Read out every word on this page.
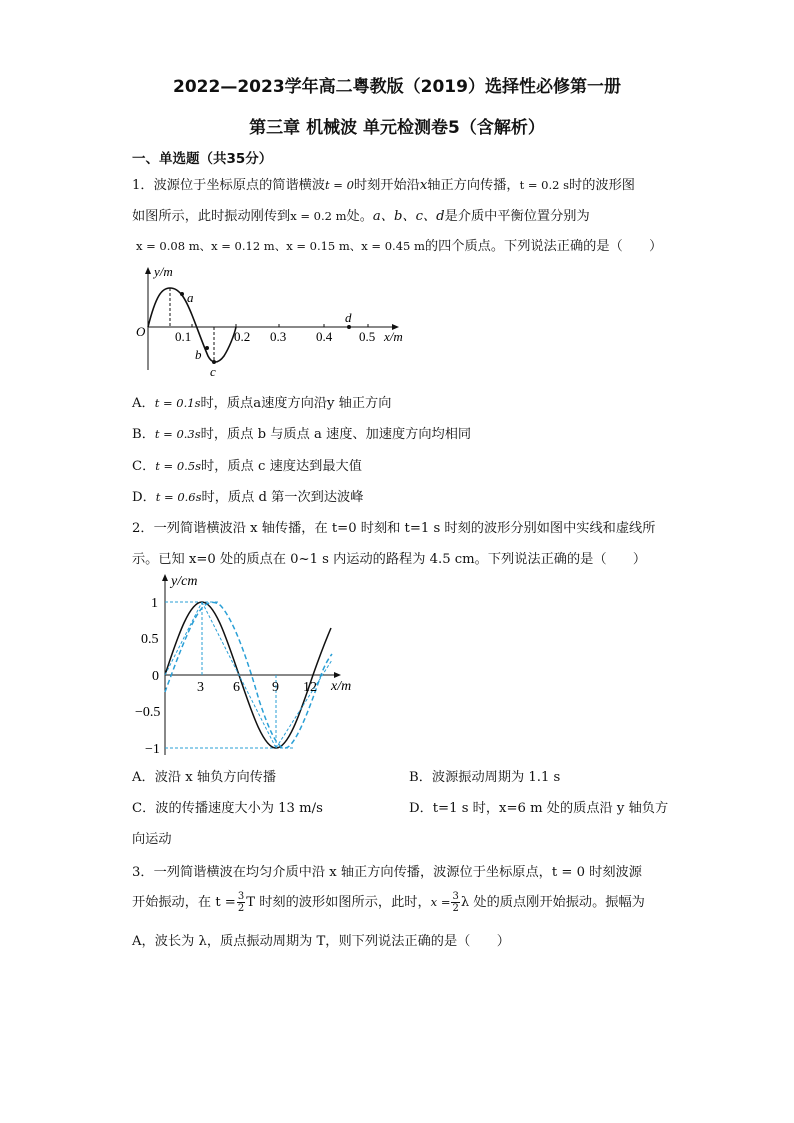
2022—2023学年高二粤教版（2019）选择性必修第一册
第三章 机械波 单元检测卷5（含解析）
一、单选题（共35分）
1．波源位于坐标原点的简谐横波t = 0时刻开始沿x轴正方向传播，t = 0.2 s时的波形图
如图所示，此时振动刚传到x = 0.2 m处。a、b、c、d是介质中平衡位置分别为
x = 0.08 m、x = 0.12 m、x = 0.15 m、x = 0.45 m的四个质点。下列说法正确的是（　　）
y/m
x/m
O 0.1	0.2 0.3 0.4 0.5
a
b
c
d
A．t = 0.1s时，质点a速度方向沿y 轴正方向
B．t = 0.3s时，质点 b 与质点 a 速度、加速度方向均相同
C．t = 0.5s时，质点 c 速度达到最大值
D．t = 0.6s时，质点 d 第一次到达波峰
2．一列简谐横波沿 x 轴传播，在 t=0 时刻和 t=1 s 时刻的波形分别如图中实线和虚线所
示。已知 x=0 处的质点在 0~1 s 内运动的路程为 4.5 cm。下列说法正确的是（　　）
y/cm
x/m
1
0.5
0
−0.5
−1
3 6 9 12
A．波沿 x 轴负方向传播	B．波源振动周期为 1.1 s
C．波的传播速度大小为 13 m/s	D．t=1 s 时，x=6 m 处的质点沿 y 轴负方
向运动
3．一列简谐横波在均匀介质中沿 x 轴正方向传播，波源位于坐标原点，t = 0 时刻波源
开始振动，在 $t = \frac{3}{2}$ T 时刻的波形如图所示，此时，$x = \frac{3}{2}$ λ 处的质点刚开始振动。振幅为
A，波长为 λ，质点振动周期为 T，则下列说法正确的是（　　）
